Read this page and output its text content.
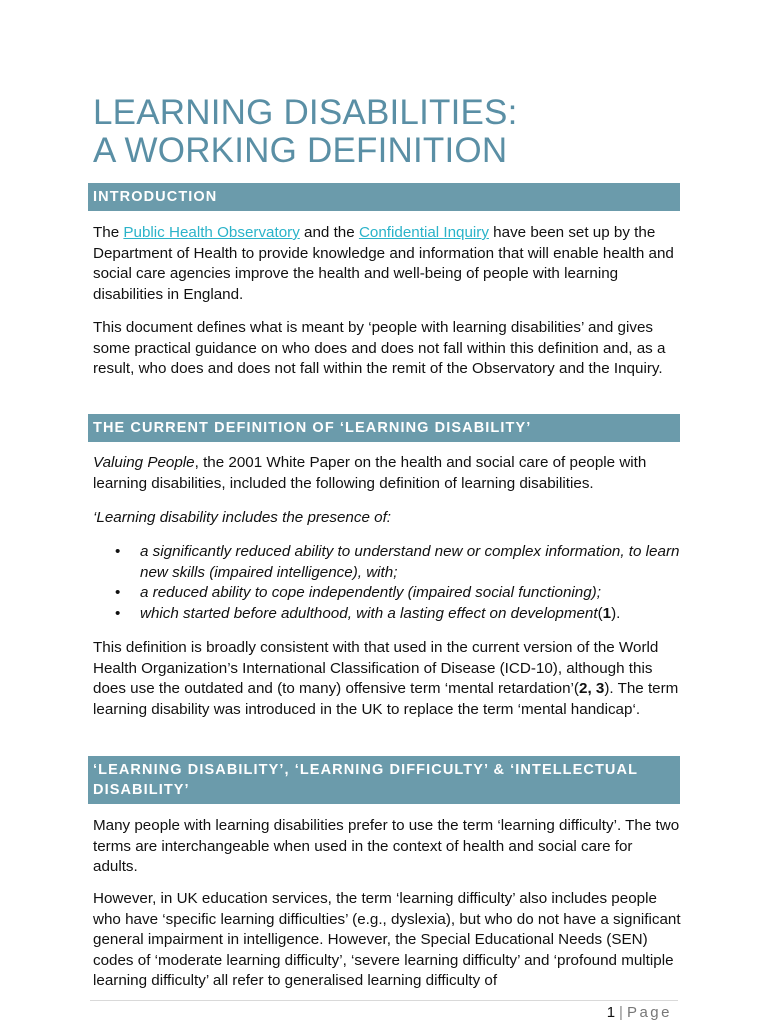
LEARNING DISABILITIES:
A WORKING DEFINITION
INTRODUCTION

The Public Health Observatory and the Confidential Inquiry have been set up by the Department of Health to provide knowledge and information that will enable health and social care agencies improve the health and well-being of people with learning disabilities in England.

This document defines what is meant by ‘people with learning disabilities’ and gives some practical guidance on who does and does not fall within this definition and, as a result, who does and does not fall within the remit of the Observatory and the Inquiry.

THE CURRENT DEFINITION OF ‘LEARNING DISABILITY’

Valuing People, the 2001 White Paper on the health and social care of people with learning disabilities, included the following definition of learning disabilities.

‘Learning disability includes the presence of:
• a significantly reduced ability to understand new or complex information, to learn new skills (impaired intelligence), with;
• a reduced ability to cope independently (impaired social functioning);
• which started before adulthood, with a lasting effect on development(1).

This definition is broadly consistent with that used in the current version of the World Health Organization’s International Classification of Disease (ICD-10), although this does use the outdated and (to many) offensive term ‘mental retardation’(2, 3). The term learning disability was introduced in the UK to replace the term ‘mental handicap‘.

‘LEARNING DISABILITY’, ‘LEARNING DIFFICULTY’ & ‘INTELLECTUAL DISABILITY’

Many people with learning disabilities prefer to use the term ‘learning difficulty’. The two terms are interchangeable when used in the context of health and social care for adults.

However, in UK education services, the term ‘learning difficulty’ also includes people who have ‘specific learning difficulties’ (e.g., dyslexia), but who do not have a significant general impairment in intelligence. However, the Special Educational Needs (SEN) codes of ‘moderate learning difficulty’, ‘severe learning difficulty’ and ‘profound multiple learning difficulty’ all refer to generalised learning difficulty of

1 | Page
